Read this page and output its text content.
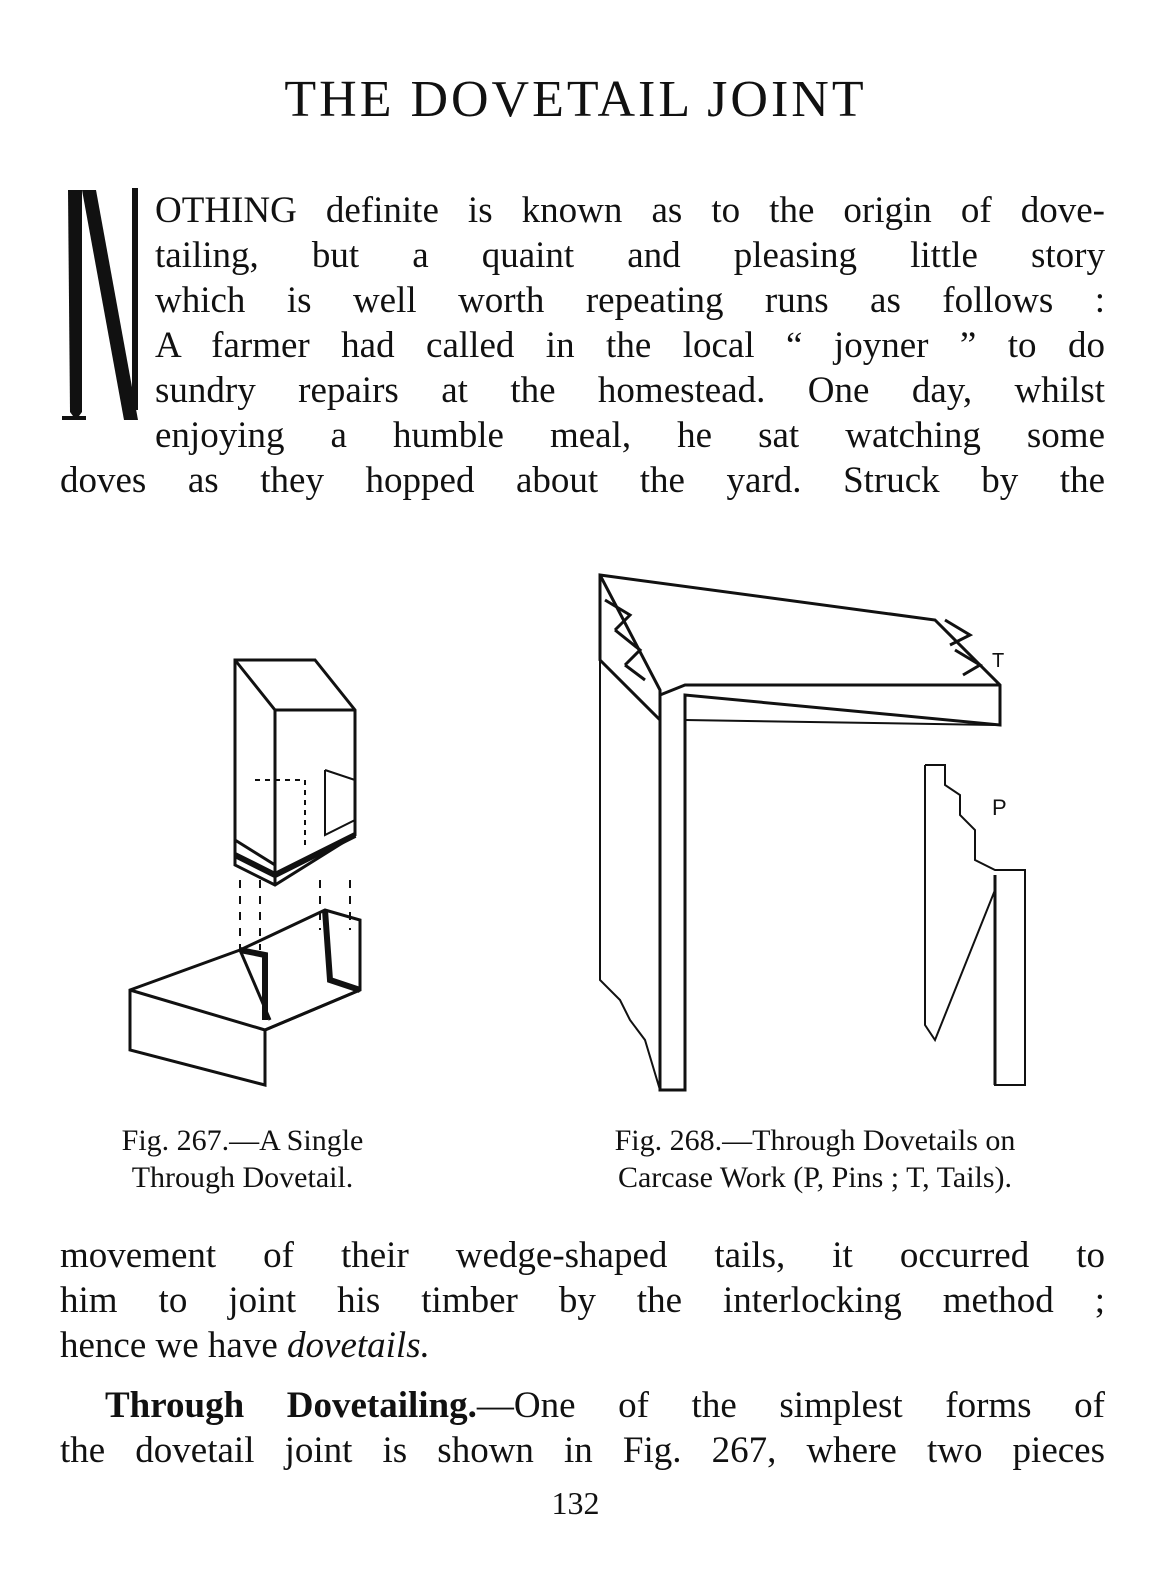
THE DOVETAIL JOINT
OTHING definite is known as to the origin of dove-
tailing, but a quaint and pleasing little story
which is well worth repeating runs as follows :
A farmer had called in the local “ joyner ” to do
sundry repairs at the homestead. One day, whilst
enjoying a humble meal, he sat watching some
doves as they hopped about the yard. Struck by the
Fig. 267.—A Single
Through Dovetail.
T
P
Fig. 268.—Through Dovetails on
Carcase Work (P, Pins ; T, Tails).
movement of their wedge-shaped tails, it occurred to
him to joint his timber by the interlocking method ;
hence we have dovetails.
Through Dovetailing.—One of the simplest forms of
the dovetail joint is shown in Fig. 267, where two pieces
132
